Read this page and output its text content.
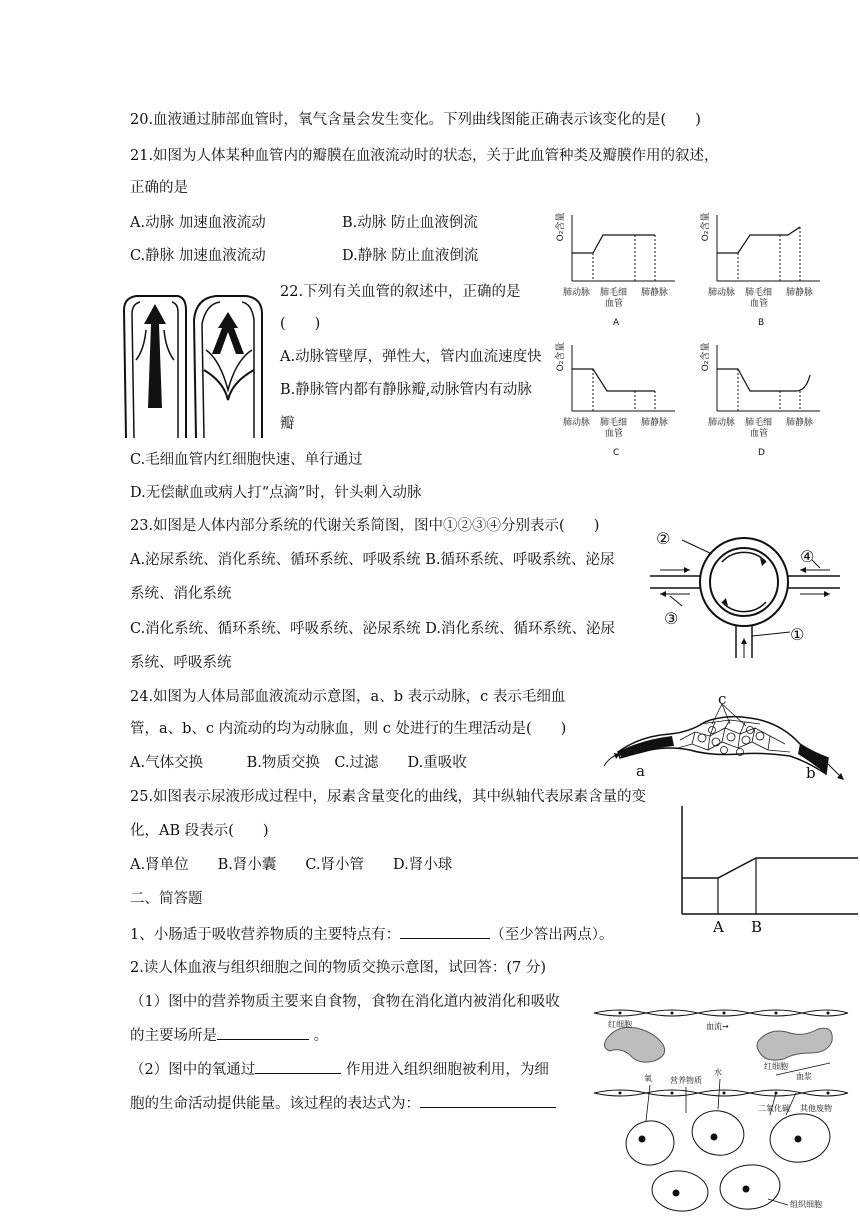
20.血液通过肺部血管时，氧气含量会发生变化。下列曲线图能正确表示该变化的是(　　)
21.如图为人体某种血管内的瓣膜在血液流动时的状态，关于此血管种类及瓣膜作用的叙述，
正确的是
A.动脉 加速血液流动	B.动脉 防止血液倒流
C.静脉 加速血液流动	D.静脉 防止血液倒流
22.下列有关血管的叙述中，正确的是
(　　)
A.动脉管壁厚，弹性大，管内血流速度快
B.静脉管内都有静脉瓣,动脉管内有动脉
瓣
C.毛细血管内红细胞快速、单行通过
D.无偿献血或病人打“点滴”时，针头刺入动脉
23.如图是人体内部分系统的代谢关系简图，图中①②③④分别表示(　　)
A.泌尿系统、消化系统、循环系统、呼吸系统 B.循环系统、呼吸系统、泌尿
系统、消化系统
C.消化系统、循环系统、呼吸系统、泌尿系统 D.消化系统、循环系统、泌尿
系统、呼吸系统
24.如图为人体局部血液流动示意图，a、b 表示动脉，c 表示毛细血
管，a、b、c 内流动的均为动脉血，则 c 处进行的生理活动是(　　)
A.气体交换　　　B.物质交换　C.过滤　　D.重吸收
25.如图表示尿液形成过程中，尿素含量变化的曲线，其中纵轴代表尿素含量的变
化，AB 段表示(　　)
A.肾单位　　B.肾小囊　　C.肾小管　　D.肾小球
二、简答题
1、小肠适于吸收营养物质的主要特点有：	（至少答出两点）。
2.读人体血液与组织细胞之间的物质交换示意图，试回答：(7 分)
（1）图中的营养物质主要来自食物，食物在消化道内被消化和吸收
的主要场所是	。
（2）图中的氧通过	作用进入组织细胞被利用，为细
胞的生命活动提供能量。该过程的表达式为：
O₂含量
肺动脉 肺毛细
血管
肺静脉
A
O₂含量
肺动脉 肺毛细
血管
肺静脉
B
O₂含量
肺动脉 肺毛细
血管
肺静脉
C
O₂含量
肺动脉 肺毛细
血管
肺静脉
D
②
③
④
①
a
c
b
A B
红细胞	血流→
红细胞
血浆
氧 营养物质
水
二氧化碳 其他废物
组织细胞
